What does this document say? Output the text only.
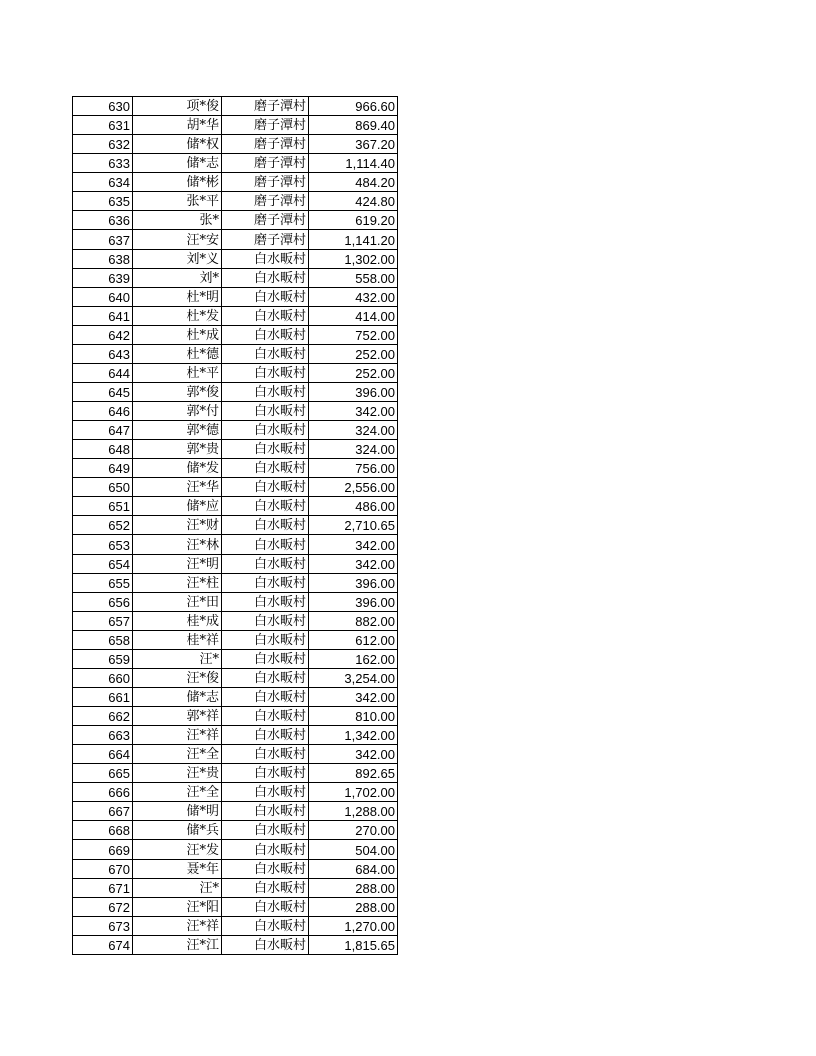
630	项*俊	磨子潭村	966.60
631	胡*华	磨子潭村	869.40
632	储*权	磨子潭村	367.20
633	储*志	磨子潭村	1,114.40
634	储*彬	磨子潭村	484.20
635	张*平	磨子潭村	424.80
636	张*	磨子潭村	619.20
637	汪*安	磨子潭村	1,141.20
638	刘*义	白水畈村	1,302.00
639	刘*	白水畈村	558.00
640	杜*明	白水畈村	432.00
641	杜*发	白水畈村	414.00
642	杜*成	白水畈村	752.00
643	杜*德	白水畈村	252.00
644	杜*平	白水畈村	252.00
645	郭*俊	白水畈村	396.00
646	郭*付	白水畈村	342.00
647	郭*德	白水畈村	324.00
648	郭*贵	白水畈村	324.00
649	储*发	白水畈村	756.00
650	汪*华	白水畈村	2,556.00
651	储*应	白水畈村	486.00
652	汪*财	白水畈村	2,710.65
653	汪*林	白水畈村	342.00
654	汪*明	白水畈村	342.00
655	汪*柱	白水畈村	396.00
656	汪*田	白水畈村	396.00
657	桂*成	白水畈村	882.00
658	桂*祥	白水畈村	612.00
659	汪*	白水畈村	162.00
660	汪*俊	白水畈村	3,254.00
661	储*志	白水畈村	342.00
662	郭*祥	白水畈村	810.00
663	汪*祥	白水畈村	1,342.00
664	汪*全	白水畈村	342.00
665	汪*贵	白水畈村	892.65
666	汪*全	白水畈村	1,702.00
667	储*明	白水畈村	1,288.00
668	储*兵	白水畈村	270.00
669	汪*发	白水畈村	504.00
670	聂*年	白水畈村	684.00
671	汪*	白水畈村	288.00
672	汪*阳	白水畈村	288.00
673	汪*祥	白水畈村	1,270.00
674	汪*江	白水畈村	1,815.65
